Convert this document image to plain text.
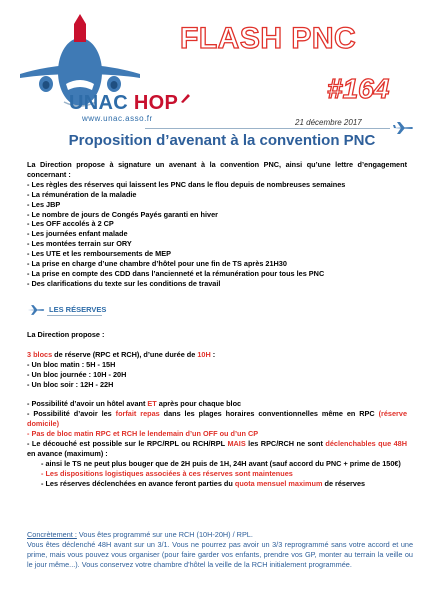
UNAC HOP
www.unac.asso.fr
FLASH PNC
#164
21 décembre 2017
Proposition d’avenant à la convention PNC

La Direction propose à signature un avenant à la convention PNC, ainsi qu’une lettre d’engagement concernant :

- Les règles des réserves qui laissent les PNC dans le flou depuis de nombreuses semaines

- La rémunération de la maladie

- Les JBP

- Le nombre de jours de Congés Payés garanti en hiver

- Les OFF accolés à 2 CP

- Les journées enfant malade

- Les montées terrain sur ORY

- Les UTE et les remboursements de MEP

- La prise en charge d’une chambre d’hôtel pour une fin de TS après 21H30

- La prise en compte des CDD dans l’ancienneté et la rémunération pour tous les PNC

- Des clarifications du texte sur les conditions de travail

LES RÉSERVES

La Direction propose :

3 blocs de réserve (RPC et RCH), d’une durée de 10H :

- Un bloc matin : 5H - 15H

- Un bloc journée : 10H - 20H

- Un bloc soir : 12H - 22H

- Possibilité d’avoir un hôtel avant ET après pour chaque bloc

- Possibilité d’avoir les forfait repas dans les plages horaires conventionnelles même en RPC (réserve domicile)

- Pas de bloc matin RPC et RCH le lendemain d’un OFF ou d’un CP

- Le découché est possible sur le RPC/RPL ou RCH/RPL MAIS les RPC/RCH ne sont déclenchables que 48H en avance (maximum) :

- ainsi le TS ne peut plus bouger que de 2H puis de 1H, 24H avant (sauf accord du PNC + prime de 150€)

- Les dispositions logistiques associées à ces réserves sont maintenues

- Les réserves déclenchées en avance feront parties du quota mensuel maximum de réserves

Concrètement : Vous êtes programmé sur une RCH (10H-20H) / RPL.

Vous êtes déclenché 48H avant sur un 3/1. Vous ne pourrez pas avoir un 3/3 reprogrammé sans votre accord et une prime, mais vous pouvez vous organiser (pour faire garder vos enfants, prendre vos GP, monter au terrain la veille ou le jour même...). Vous conservez votre chambre d’hôtel la veille de la RCH initialement programmée.
